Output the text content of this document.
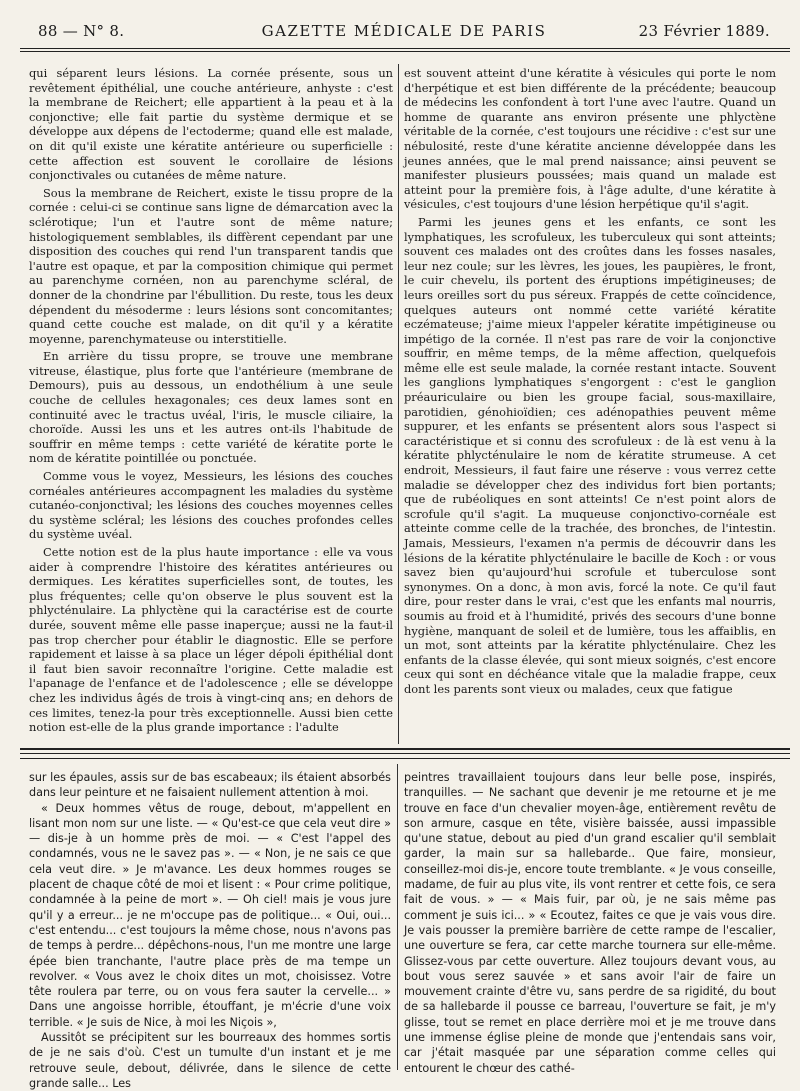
88 — N° 8.	GAZETTE MÉDICALE DE PARIS	23 Février 1889.

qui séparent leurs lésions. La cornée présente, sous un revêtement épithélial, une couche antérieure, anhyste : c'est la membrane de Reichert; elle appartient à la peau et à la conjonctive; elle fait partie du système dermique et se développe aux dépens de l'ectoderme; quand elle est malade, on dit qu'il existe une kératite antérieure ou superficielle : cette affection est souvent le corollaire de lésions conjonctivales ou cutanées de même nature.

Sous la membrane de Reichert, existe le tissu propre de la cornée : celui-ci se continue sans ligne de démarcation avec la sclérotique; l'un et l'autre sont de même nature; histologiquement semblables, ils diffèrent cependant par une disposition des couches qui rend l'un transparent tandis que l'autre est opaque, et par la composition chimique qui permet au parenchyme cornéen, non au parenchyme scléral, de donner de la chondrine par l'ébullition. Du reste, tous les deux dépendent du mésoderme : leurs lésions sont concomitantes; quand cette couche est malade, on dit qu'il y a kératite moyenne, parenchymateuse ou interstitielle.

En arrière du tissu propre, se trouve une membrane vitreuse, élastique, plus forte que l'antérieure (membrane de Demours), puis au dessous, un endothélium à une seule couche de cellules hexagonales; ces deux lames sont en continuité avec le tractus uvéal, l'iris, le muscle ciliaire, la choroïde. Aussi les uns et les autres ont-ils l'habitude de souffrir en même temps : cette variété de kératite porte le nom de kératite pointillée ou ponctuée.

Comme vous le voyez, Messieurs, les lésions des couches cornéales antérieures accompagnent les maladies du système cutanéo-conjonctival; les lésions des couches moyennes celles du système scléral; les lésions des couches profondes celles du système uvéal.

Cette notion est de la plus haute importance : elle va vous aider à comprendre l'histoire des kératites antérieures ou dermiques. Les kératites superficielles sont, de toutes, les plus fréquentes; celle qu'on observe le plus souvent est la phlycténulaire. La phlyctène qui la caractérise est de courte durée, souvent même elle passe inaperçue; aussi ne la faut-il pas trop chercher pour établir le diagnostic. Elle se perfore rapidement et laisse à sa place un léger dépoli épithélial dont il faut bien savoir reconnaître l'origine. Cette maladie est l'apanage de l'enfance et de l'adolescence ; elle se développe chez les individus âgés de trois à vingt-cinq ans; en dehors de ces limites, tenez-la pour très exceptionnelle. Aussi bien cette notion est-elle de la plus grande importance : l'adulte

est souvent atteint d'une kératite à vésicules qui porte le nom d'herpétique et est bien différente de la précédente; beaucoup de médecins les confondent à tort l'une avec l'autre. Quand un homme de quarante ans environ présente une phlyctène véritable de la cornée, c'est toujours une récidive : c'est sur une nébulosité, reste d'une kératite ancienne développée dans les jeunes années, que le mal prend naissance; ainsi peuvent se manifester plusieurs poussées; mais quand un malade est atteint pour la première fois, à l'âge adulte, d'une kératite à vésicules, c'est toujours d'une lésion herpétique qu'il s'agit.

Parmi les jeunes gens et les enfants, ce sont les lymphatiques, les scrofuleux, les tuberculeux qui sont atteints; souvent ces malades ont des croûtes dans les fosses nasales, leur nez coule; sur les lèvres, les joues, les paupières, le front, le cuir chevelu, ils portent des éruptions impétigineuses; de leurs oreilles sort du pus séreux. Frappés de cette coïncidence, quelques auteurs ont nommé cette variété kératite eczémateuse; j'aime mieux l'appeler kératite impétigineuse ou impétigo de la cornée. Il n'est pas rare de voir la conjonctive souffrir, en même temps, de la même affection, quelquefois même elle est seule malade, la cornée restant intacte. Souvent les ganglions lymphatiques s'engorgent : c'est le ganglion préauriculaire ou bien les groupe facial, sous-maxillaire, parotidien, génohioïdien; ces adénopathies peuvent même suppurer, et les enfants se présentent alors sous l'aspect si caractéristique et si connu des scrofuleux : de là est venu à la kératite phlycténulaire le nom de kératite strumeuse. A cet endroit, Messieurs, il faut faire une réserve : vous verrez cette maladie se développer chez des individus fort bien portants; que de rubéoliques en sont atteints! Ce n'est point alors de scrofule qu'il s'agit. La muqueuse conjonctivo-cornéale est atteinte comme celle de la trachée, des bronches, de l'intestin. Jamais, Messieurs, l'examen n'a permis de découvrir dans les lésions de la kératite phlycténulaire le bacille de Koch : or vous savez bien qu'aujourd'hui scrofule et tuberculose sont synonymes. On a donc, à mon avis, forcé la note. Ce qu'il faut dire, pour rester dans le vrai, c'est que les enfants mal nourris, soumis au froid et à l'humidité, privés des secours d'une bonne hygiène, manquant de soleil et de lumière, tous les affaiblis, en un mot, sont atteints par la kératite phlycténulaire. Chez les enfants de la classe élevée, qui sont mieux soignés, c'est encore ceux qui sont en déchéance vitale que la maladie frappe, ceux dont les parents sont vieux ou malades, ceux que fatigue

sur les épaules, assis sur de bas escabeaux; ils étaient absorbés dans leur peinture et ne faisaient nullement attention à moi.

« Deux hommes vêtus de rouge, debout, m'appellent en lisant mon nom sur une liste. — « Qu'est-ce que cela veut dire » — dis-je à un homme près de moi. — « C'est l'appel des condamnés, vous ne le savez pas ». — « Non, je ne sais ce que cela veut dire. » Je m'avance. Les deux hommes rouges se placent de chaque côté de moi et lisent : « Pour crime politique, condamnée à la peine de mort ». — Oh ciel! mais je vous jure qu'il y a erreur... je ne m'occupe pas de politique... « Oui, oui... c'est entendu... c'est toujours la même chose, nous n'avons pas de temps à perdre... dépêchons-nous, l'un me montre une large épée bien tranchante, l'autre place près de ma tempe un revolver. « Vous avez le choix dites un mot, choisissez. Votre tête roulera par terre, ou on vous fera sauter la cervelle... » Dans une angoisse horrible, étouffant, je m'écrie d'une voix terrible. « Je suis de Nice, à moi les Niçois »,

Aussitôt se précipitent sur les bourreaux des hommes sortis de je ne sais d'où. C'est un tumulte d'un instant et je me retrouve seule, debout, délivrée, dans le silence de cette grande salle... Les

peintres travaillaient toujours dans leur belle pose, inspirés, tranquilles. — Ne sachant que devenir je me retourne et je me trouve en face d'un chevalier moyen-âge, entièrement revêtu de son armure, casque en tête, visière baissée, aussi impassible qu'une statue, debout au pied d'un grand escalier qu'il semblait garder, la main sur sa hallebarde.. Que faire, monsieur, conseillez-moi dis-je, encore toute tremblante. « Je vous conseille, madame, de fuir au plus vite, ils vont rentrer et cette fois, ce sera fait de vous. » — « Mais fuir, par où, je ne sais même pas comment je suis ici... » « Ecoutez, faites ce que je vais vous dire. Je vais pousser la première barrière de cette rampe de l'escalier, une ouverture se fera, car cette marche tournera sur elle-même. Glissez-vous par cette ouverture. Allez toujours devant vous, au bout vous serez sauvée » et sans avoir l'air de faire un mouvement crainte d'être vu, sans perdre de sa rigidité, du bout de sa hallebarde il pousse ce barreau, l'ouverture se fait, je m'y glisse, tout se remet en place derrière moi et je me trouve dans une immense église pleine de monde que j'entendais sans voir, car j'était masquée par une séparation comme celles qui entourent le chœur des cathé-
